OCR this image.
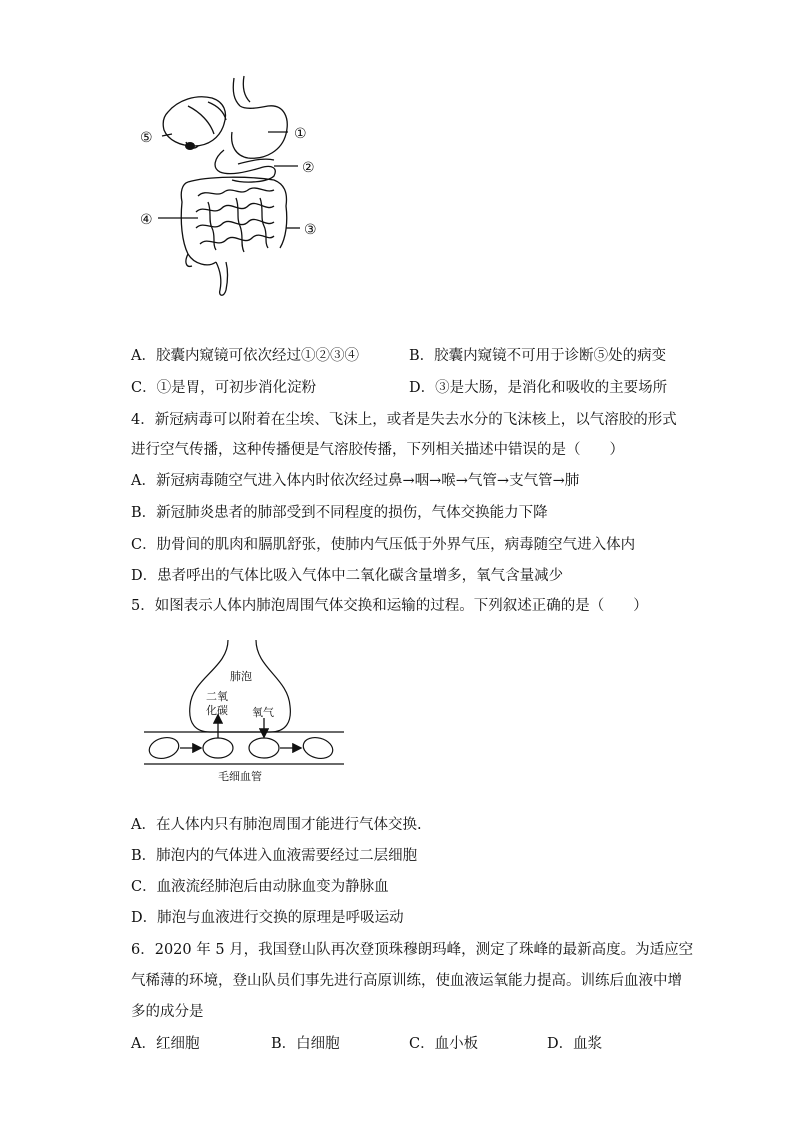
⑤	①
②
④
③
A．胶囊内窥镜可依次经过①②③④	B．胶囊内窥镜不可用于诊断⑤处的病变
C．①是胃，可初步消化淀粉	D．③是大肠，是消化和吸收的主要场所
4．新冠病毒可以附着在尘埃、飞沫上，或者是失去水分的飞沫核上，以气溶胶的形式
进行空气传播，这种传播便是气溶胶传播，下列相关描述中错误的是（　　）
A．新冠病毒随空气进入体内时依次经过鼻→咽→喉→气管→支气管→肺
B．新冠肺炎患者的肺部受到不同程度的损伤，气体交换能力下降
C．肋骨间的肌肉和膈肌舒张，使肺内气压低于外界气压，病毒随空气进入体内
D．患者呼出的气体比吸入气体中二氧化碳含量增多，氧气含量减少
5．如图表示人体内肺泡周围气体交换和运输的过程。下列叙述正确的是（　　）
肺泡
二氧
化碳 氧气
毛细血管
A．在人体内只有肺泡周围才能进行气体交换.
B．肺泡内的气体进入血液需要经过二层细胞
C．血液流经肺泡后由动脉血变为静脉血
D．肺泡与血液进行交换的原理是呼吸运动
6．2020 年 5 月，我国登山队再次登顶珠穆朗玛峰，测定了珠峰的最新高度。为适应空
气稀薄的环境，登山队员们事先进行高原训练，使血液运氧能力提高。训练后血液中增
多的成分是
A．红细胞	B．白细胞	C．血小板	D．血浆
